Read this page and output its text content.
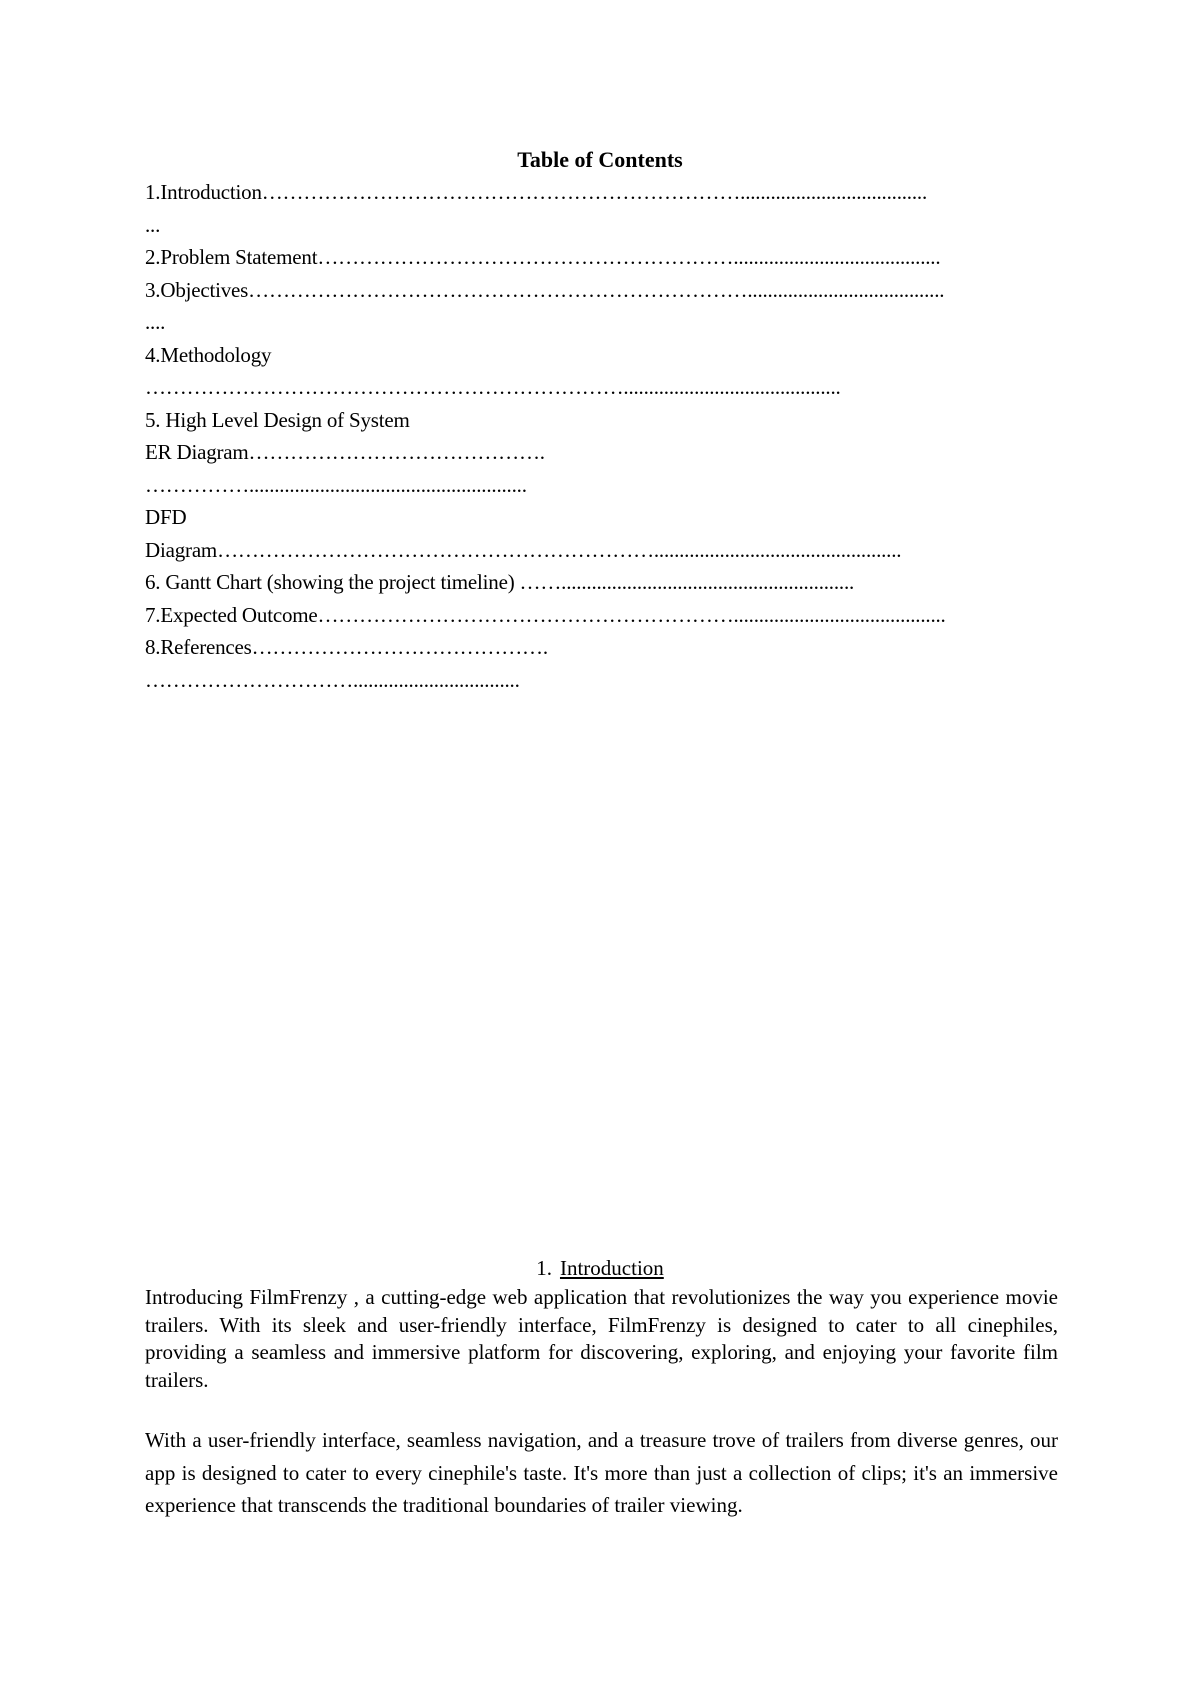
Table of Contents
1.Introduction…………………………………………………………….....................................
...
2.Problem Statement…………………………………………………….........................................
3.Objectives……………………………………………………………….......................................
....
4.Methodology
……………………………………………………………...........................................
5. High Level Design of System
ER Diagram…………………………………….
…………….......................................................
DFD
Diagram……………………………………………………….................................................
6. Gantt Chart (showing the project timeline) ……..........................................................
7.Expected Outcome……………………………………………………..........................................
8.References…………………………………….
………………………….................................
1. Introduction

Introducing FilmFrenzy , a cutting-edge web application that revolutionizes the way you experience movie trailers. With its sleek and user-friendly interface, FilmFrenzy is designed to cater to all cinephiles, providing a seamless and immersive platform for discovering, exploring, and enjoying your favorite film trailers.

With a user-friendly interface, seamless navigation, and a treasure trove of trailers from diverse genres, our app is designed to cater to every cinephile's taste. It's more than just a collection of clips; it's an immersive experience that transcends the traditional boundaries of trailer viewing.
